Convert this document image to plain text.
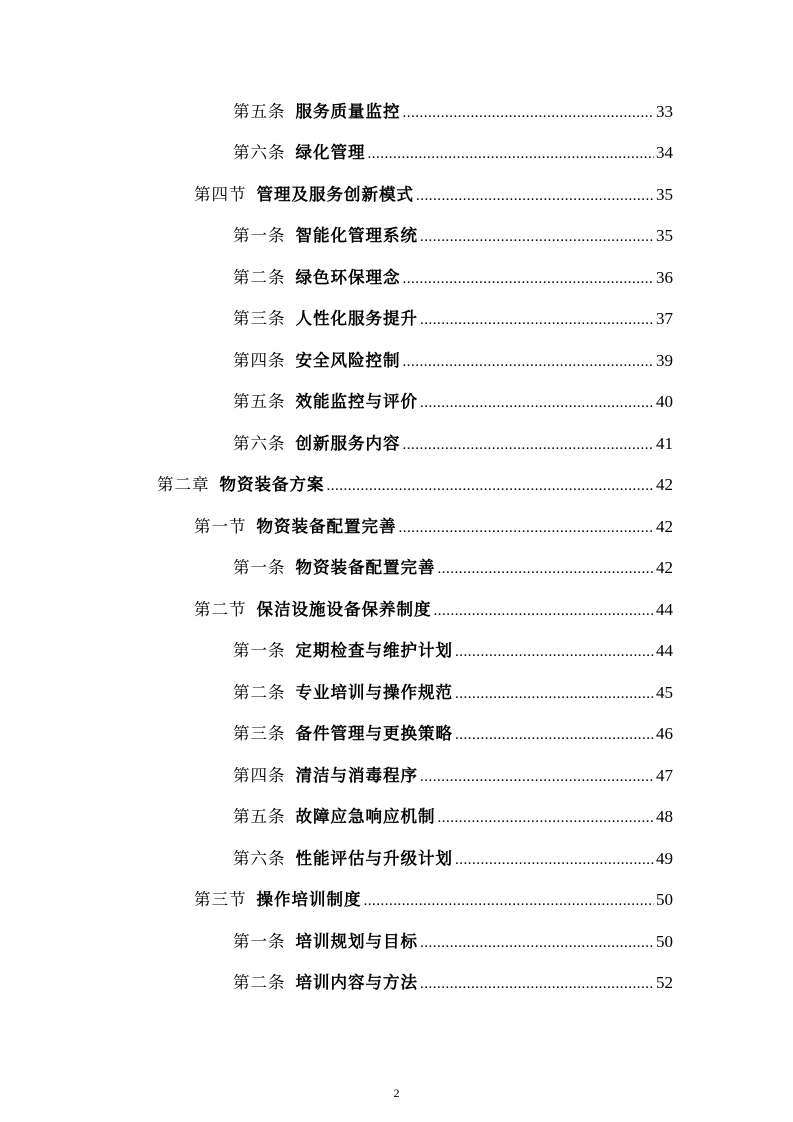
第五条 服务质量监控 .....	33
第六条 绿化管理 .....	34
第四节 管理及服务创新模式 .....	35
第一条 智能化管理系统 .....	35
第二条 绿色环保理念 .....	36
第三条 人性化服务提升 .....	37
第四条 安全风险控制 .....	39
第五条 效能监控与评价 .....	40
第六条 创新服务内容 .....	41
第二章 物资装备方案 .....	42
第一节 物资装备配置完善 .....	42
第一条 物资装备配置完善 .....	42
第二节 保洁设施设备保养制度 .....	44
第一条 定期检查与维护计划 .....	44
第二条 专业培训与操作规范 .....	45
第三条 备件管理与更换策略 .....	46
第四条 清洁与消毒程序 .....	47
第五条 故障应急响应机制 .....	48
第六条 性能评估与升级计划 .....	49
第三节 操作培训制度 .....	50
第一条 培训规划与目标 .....	50
第二条 培训内容与方法 .....	52
2
